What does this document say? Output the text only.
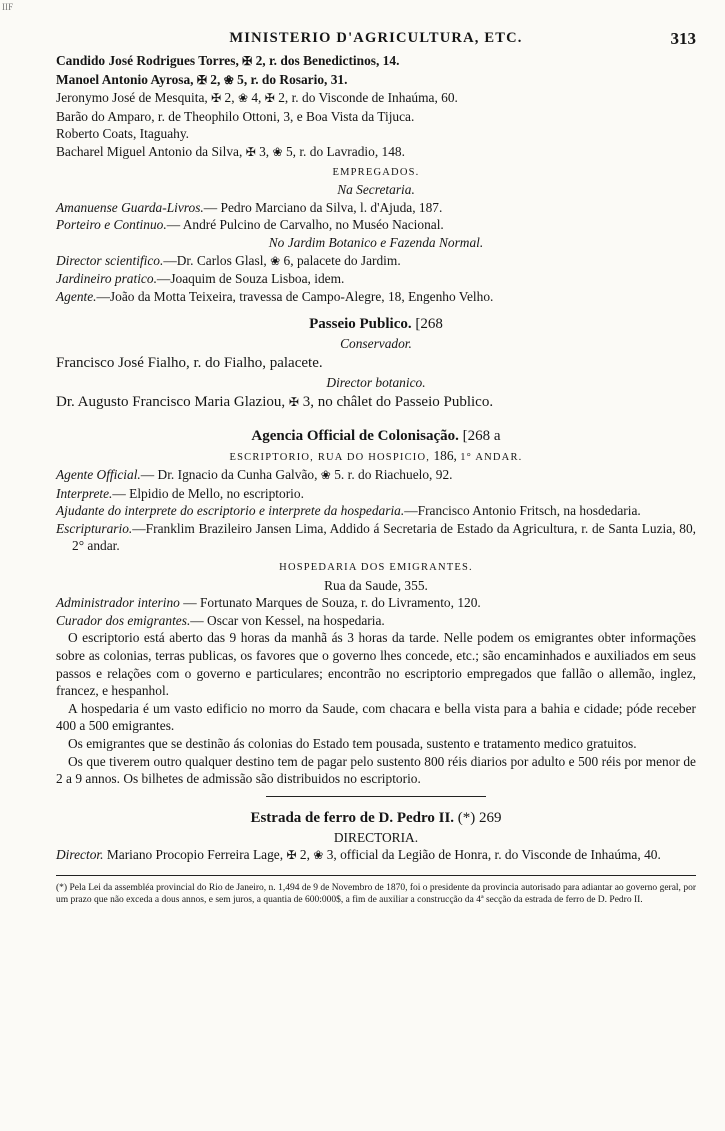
IIF
MINISTERIO D'AGRICULTURA, ETC.	313
Candido José Rodrigues Torres, ✠ 2, r. dos Benedictinos, 14.
Manoel Antonio Ayrosa, ✠ 2, ❀ 5, r. do Rosario, 31.
Jeronymo José de Mesquita, ✠ 2, ❀ 4, ✠ 2, r. do Visconde de Inhaúma, 60.
Barão do Amparo, r. de Theophilo Ottoni, 3, e Boa Vista da Tijuca.
Roberto Coats, Itaguahy.
Bacharel Miguel Antonio da Silva, ✠ 3, ❀ 5, r. do Lavradio, 148.
EMPREGADOS.
Na Secretaria.
Amanuense Guarda-Livros.— Pedro Marciano da Silva, l. d'Ajuda, 187.
Porteiro e Continuo.— André Pulcino de Carvalho, no Muséo Nacional.
No Jardim Botanico e Fazenda Normal.
Director scientifico.—Dr. Carlos Glasl, ❀ 6, palacete do Jardim.
Jardineiro pratico.—Joaquim de Souza Lisboa, idem.
Agente.—João da Motta Teixeira, travessa de Campo-Alegre, 18, Engenho Velho.
Passeio Publico. [268
Conservador.
Francisco José Fialho, r. do Fialho, palacete.
Director botanico.
Dr. Augusto Francisco Maria Glaziou, ✠ 3, no châlet do Passeio Publico.
Agencia Official de Colonisação. [268 a
ESCRIPTORIO, RUA DO HOSPICIO, 186, 1° ANDAR.
Agente Official.— Dr. Ignacio da Cunha Galvão, ❀ 5. r. do Riachuelo, 92.
Interprete.— Elpidio de Mello, no escriptorio.
Ajudante do interprete do escriptorio e interprete da hospedaria.—Francisco Antonio Fritsch, na hosdedaria.
Escripturario.—Franklim Brazileiro Jansen Lima, Addido á Secretaria de Estado da Agricultura, r. de Santa Luzia, 80, 2° andar.
HOSPEDARIA DOS EMIGRANTES.
Rua da Saude, 355.
Administrador interino — Fortunato Marques de Souza, r. do Livramento, 120.
Curador dos emigrantes.— Oscar von Kessel, na hospedaria.
O escriptorio está aberto das 9 horas da manhã ás 3 horas da tarde. Nelle podem os emigrantes obter informações sobre as colonias, terras publicas, os favores que o governo lhes concede, etc.; são encaminhados e auxiliados em seus passos e relações com o governo e particulares; encontrão no escriptorio empregados que fallão o allemão, inglez, francez, e hespanhol.
A hospedaria é um vasto edificio no morro da Saude, com chacara e bella vista para a bahia e cidade; póde receber 400 a 500 emigrantes.
Os emigrantes que se destinão ás colonias do Estado tem pousada, sustento e tratamento medico gratuitos.
Os que tiverem outro qualquer destino tem de pagar pelo sustento 800 réis diarios por adulto e 500 réis por menor de 2 a 9 annos. Os bilhetes de admissão são distribuidos no escriptorio.
Estrada de ferro de D. Pedro II. (*) 269
DIRECTORIA.
Director. Mariano Procopio Ferreira Lage, ✠ 2, ❀ 3, official da Legião de Honra, r. do Visconde de Inhaúma, 40.
(*) Pela Lei da assembléa provincial do Rio de Janeiro, n. 1,494 de 9 de Novembro de 1870, foi o presidente da provincia autorisado para adiantar ao governo geral, por um prazo que não exceda a dous annos, e sem juros, a quantia de 600:000$, a fim de auxiliar a construcção da 4ª secção da estrada de ferro de D. Pedro II.
